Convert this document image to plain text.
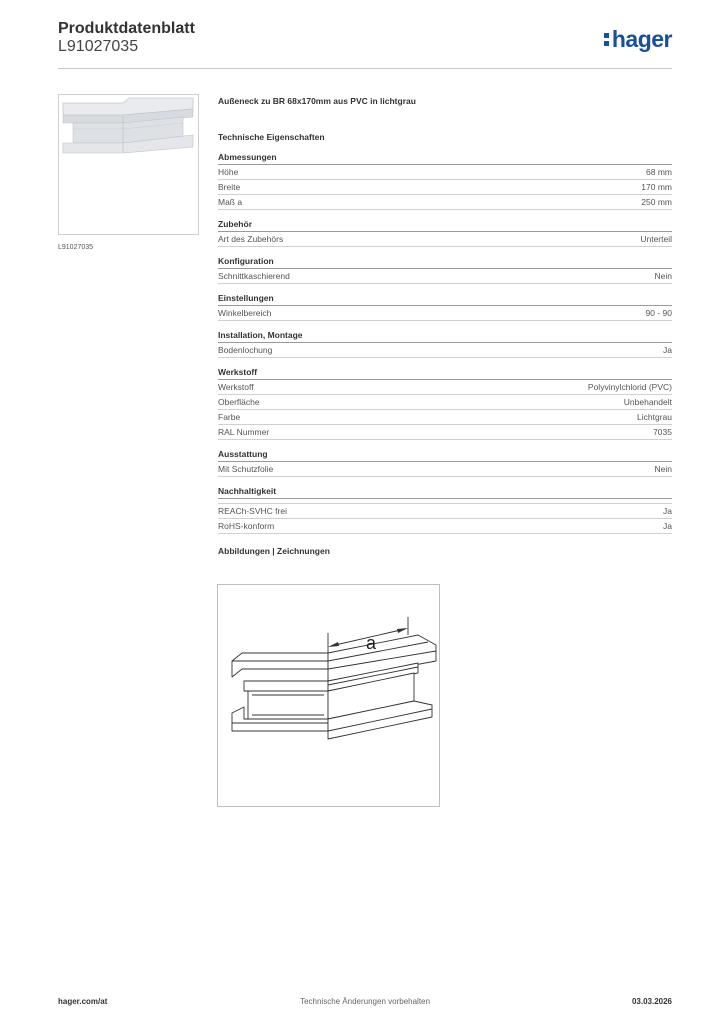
Produktdatenblatt
L91027035	hager
L91027035
Außeneck zu BR 68x170mm aus PVC in lichtgrau
Technische Eigenschaften
Abmessungen
Höhe	68 mm
Breite	170 mm
Maß a	250 mm
Zubehör
Art des Zubehörs	Unterteil
Konfiguration
Schnittkaschierend	Nein
Einstellungen
Winkelbereich	90 - 90
Installation, Montage
Bodenlochung	Ja
Werkstoff
Werkstoff	Polyvinylchlorid (PVC)
Oberfläche	Unbehandelt
Farbe	Lichtgrau
RAL Nummer	7035
Ausstattung
Mit Schutzfolie	Nein
Nachhaltigkeit
REACh-SVHC frei	Ja
RoHS-konform	Ja
Abbildungen | Zeichnungen
a
hager.com/at	Technische Änderungen vorbehalten	03.03.2026
